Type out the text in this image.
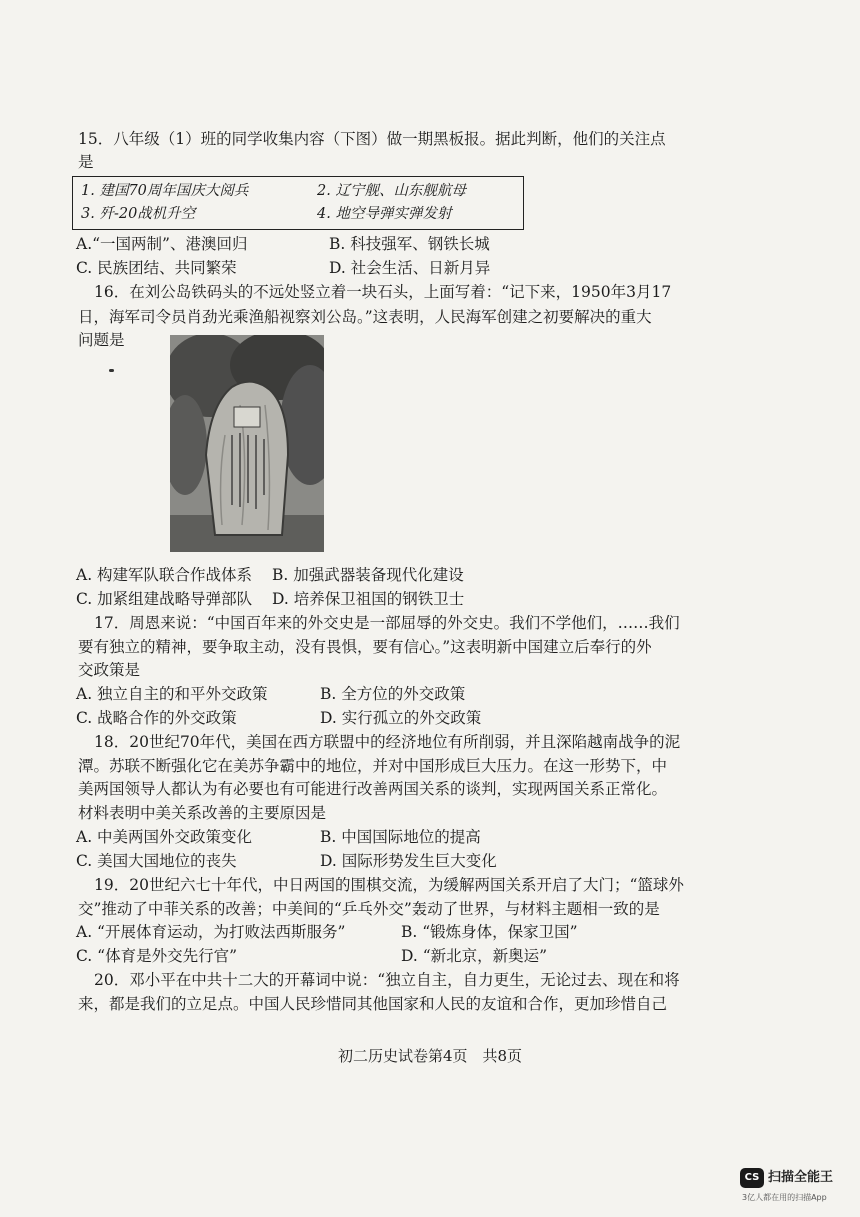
15．八年级（1）班的同学收集内容（下图）做一期黑板报。据此判断，他们的关注点
是
1. 建国70周年国庆大阅兵	2. 辽宁舰、山东舰航母
3. 歼-20战机升空	4. 地空导弹实弹发射
A.“一国两制”、港澳回归	B. 科技强军、钢铁长城
C. 民族团结、共同繁荣	D. 社会生活、日新月异
16．在刘公岛铁码头的不远处竖立着一块石头，上面写着：“记下来，1950年3月17
日，海军司令员肖劲光乘渔船视察刘公岛。”这表明，人民海军创建之初要解决的重大
问题是
A. 构建军队联合作战体系 B. 加强武器装备现代化建设
C. 加紧组建战略导弹部队 D. 培养保卫祖国的钢铁卫士
17．周恩来说：“中国百年来的外交史是一部屈辱的外交史。我们不学他们，……我们
要有独立的精神，要争取主动，没有畏惧，要有信心。”这表明新中国建立后奉行的外
交政策是
A. 独立自主的和平外交政策	B. 全方位的外交政策
C. 战略合作的外交政策	D. 实行孤立的外交政策
18．20世纪70年代，美国在西方联盟中的经济地位有所削弱，并且深陷越南战争的泥
潭。苏联不断强化它在美苏争霸中的地位，并对中国形成巨大压力。在这一形势下，中
美两国领导人都认为有必要也有可能进行改善两国关系的谈判，实现两国关系正常化。
材料表明中美关系改善的主要原因是
A. 中美两国外交政策变化	B. 中国国际地位的提高
C. 美国大国地位的丧失	D. 国际形势发生巨大变化
19．20世纪六七十年代，中日两国的围棋交流，为缓解两国关系开启了大门；“篮球外
交”推动了中菲关系的改善；中美间的“乒乓外交”轰动了世界，与材料主题相一致的是
A. “开展体育运动，为打败法西斯服务”	B. “锻炼身体，保家卫国”
C. “体育是外交先行官”	D. “新北京，新奥运”
20．邓小平在中共十二大的开幕词中说：“独立自主，自力更生，无论过去、现在和将
来，都是我们的立足点。中国人民珍惜同其他国家和人民的友谊和合作，更加珍惜自己
初二历史试卷第4页　共8页
CS 扫描全能王
3亿人都在用的扫描App
